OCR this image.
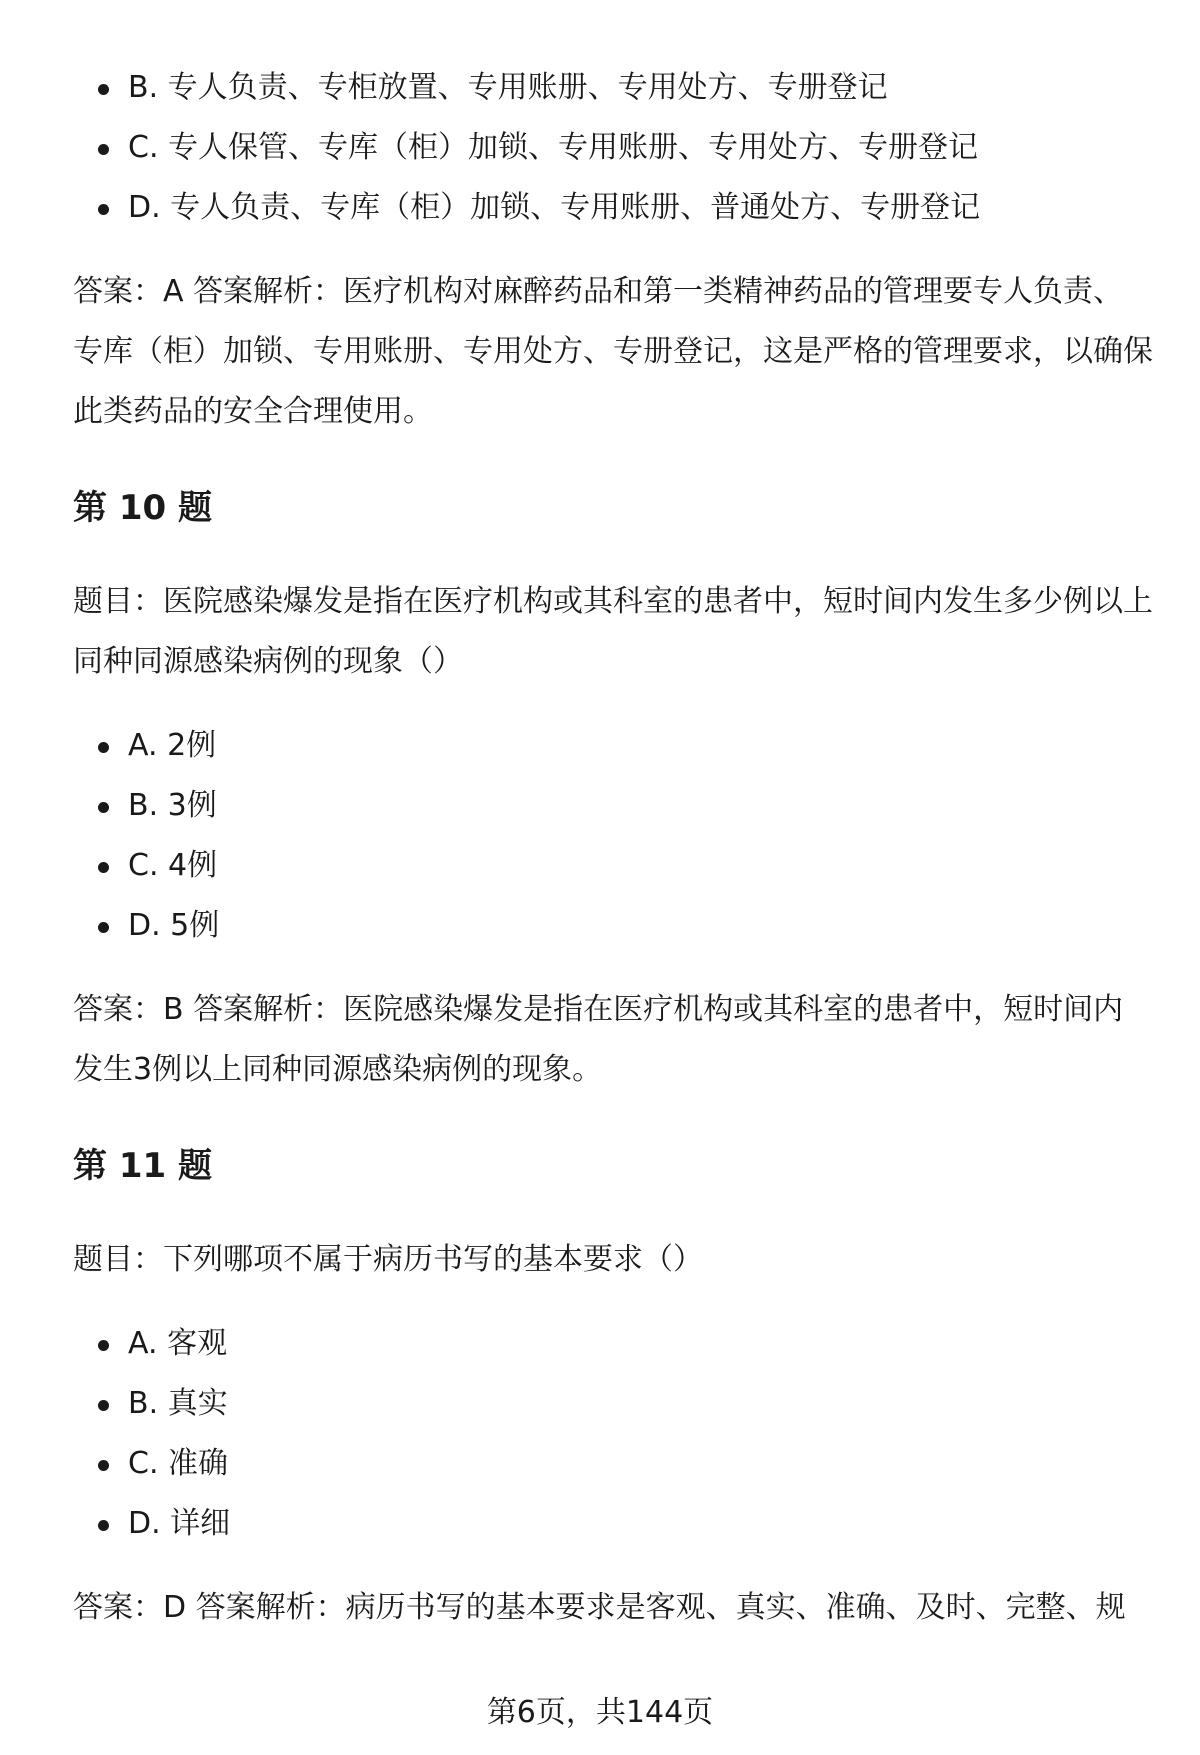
B. 专人负责、专柜放置、专用账册、专用处方、专册登记
C. 专人保管、专库（柜）加锁、专用账册、专用处方、专册登记
D. 专人负责、专库（柜）加锁、专用账册、普通处方、专册登记

答案：A 答案解析：医疗机构对麻醉药品和第一类精神药品的管理要专人负责、专库（柜）加锁、专用账册、专用处方、专册登记，这是严格的管理要求，以确保此类药品的安全合理使用。

第 10 题

题目：医院感染爆发是指在医疗机构或其科室的患者中，短时间内发生多少例以上同种同源感染病例的现象（）

A. 2例
B. 3例
C. 4例
D. 5例

答案：B 答案解析：医院感染爆发是指在医疗机构或其科室的患者中，短时间内发生3例以上同种同源感染病例的现象。

第 11 题

题目：下列哪项不属于病历书写的基本要求（）

A. 客观
B. 真实
C. 准确
D. 详细

答案：D 答案解析：病历书写的基本要求是客观、真实、准确、及时、完整、规

第6页，共144页
